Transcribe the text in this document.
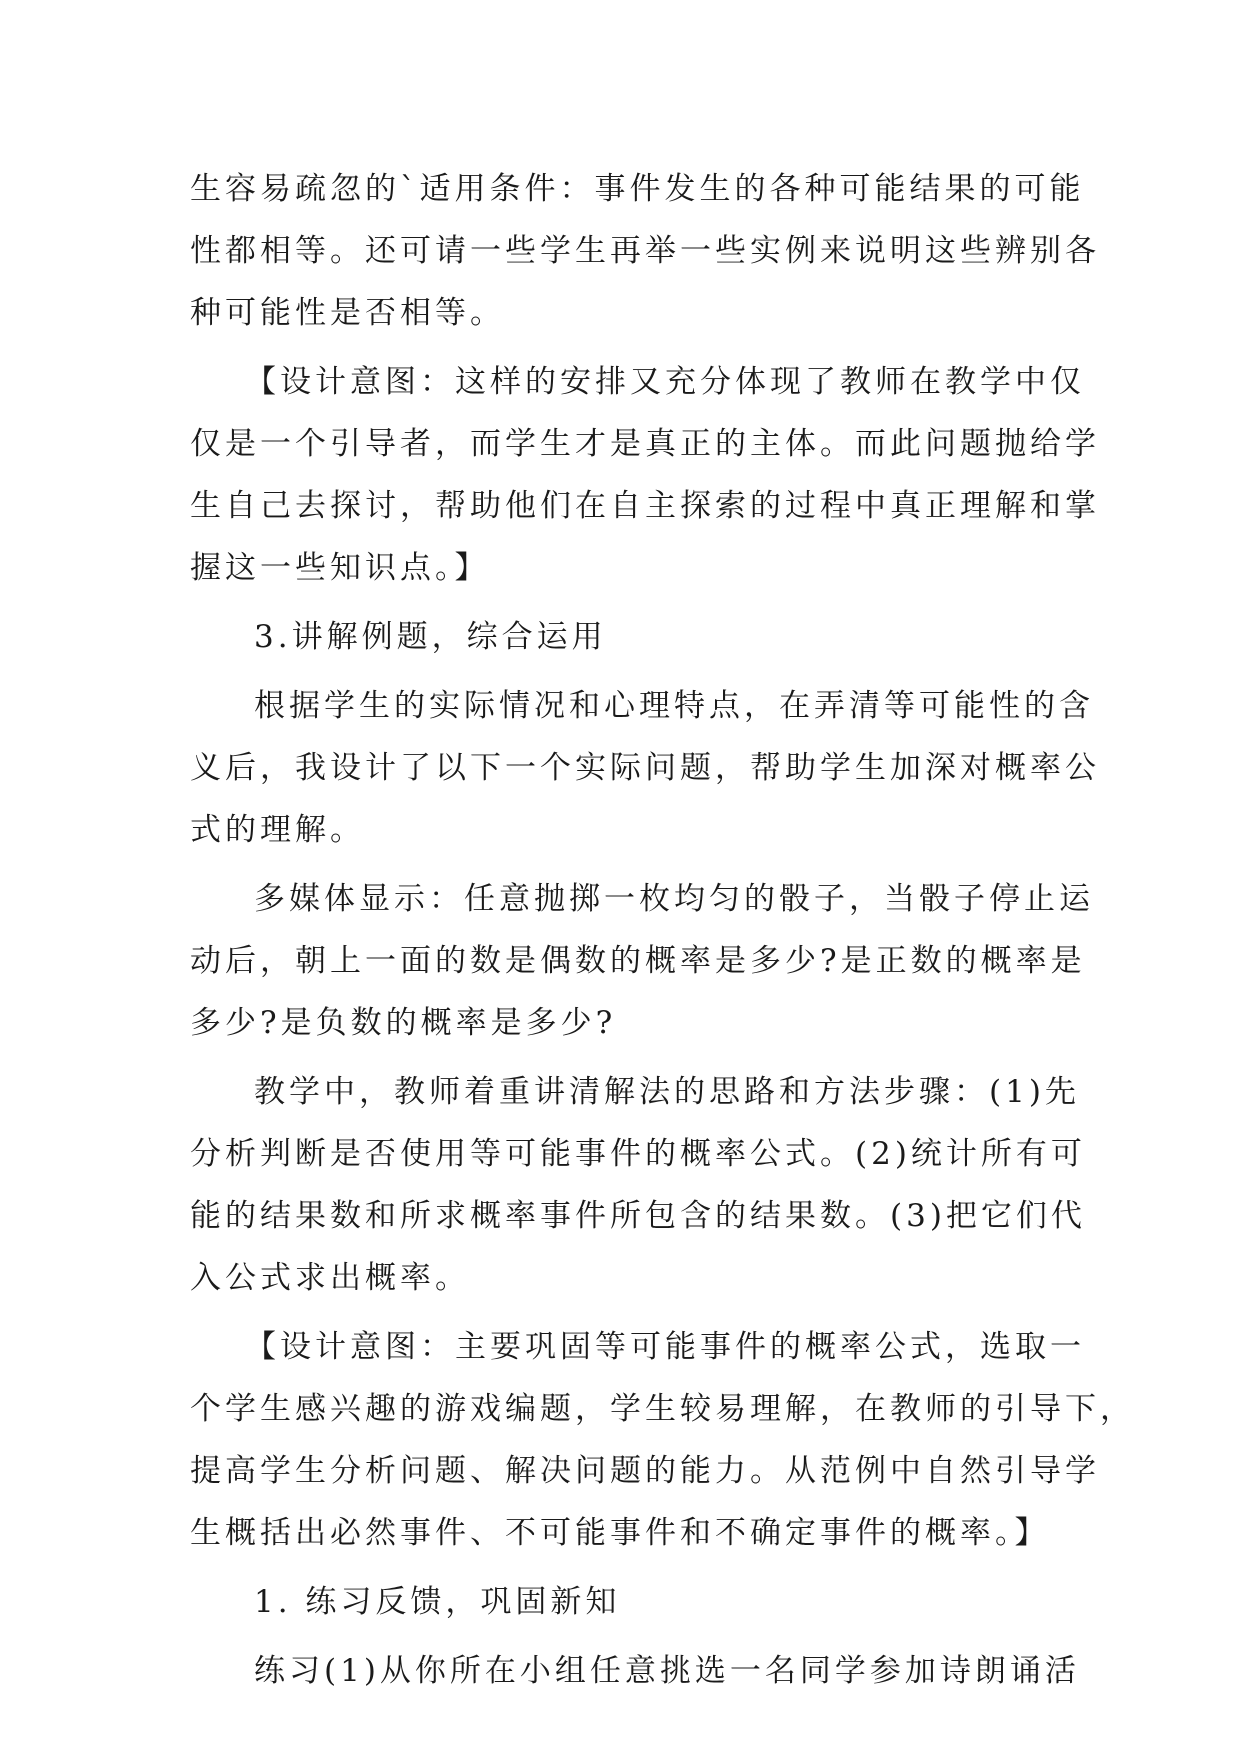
生容易疏忽的`适用条件：事件发生的各种可能结果的可能
性都相等。还可请一些学生再举一些实例来说明这些辨别各
种可能性是否相等。
【设计意图：这样的安排又充分体现了教师在教学中仅
仅是一个引导者，而学生才是真正的主体。而此问题抛给学
生自己去探讨，帮助他们在自主探索的过程中真正理解和掌
握这一些知识点。】
3.讲解例题，综合运用
根据学生的实际情况和心理特点，在弄清等可能性的含
义后，我设计了以下一个实际问题，帮助学生加深对概率公
式的理解。
多媒体显示：任意抛掷一枚均匀的骰子，当骰子停止运
动后，朝上一面的数是偶数的概率是多少?是正数的概率是
多少?是负数的概率是多少?
教学中，教师着重讲清解法的思路和方法步骤：(1)先
分析判断是否使用等可能事件的概率公式。(2)统计所有可
能的结果数和所求概率事件所包含的结果数。(3)把它们代
入公式求出概率。
【设计意图：主要巩固等可能事件的概率公式，选取一
个学生感兴趣的游戏编题，学生较易理解，在教师的引导下，
提高学生分析问题、解决问题的能力。从范例中自然引导学
生概括出必然事件、不可能事件和不确定事件的概率。】
1. 练习反馈，巩固新知
练习(1)从你所在小组任意挑选一名同学参加诗朗诵活
